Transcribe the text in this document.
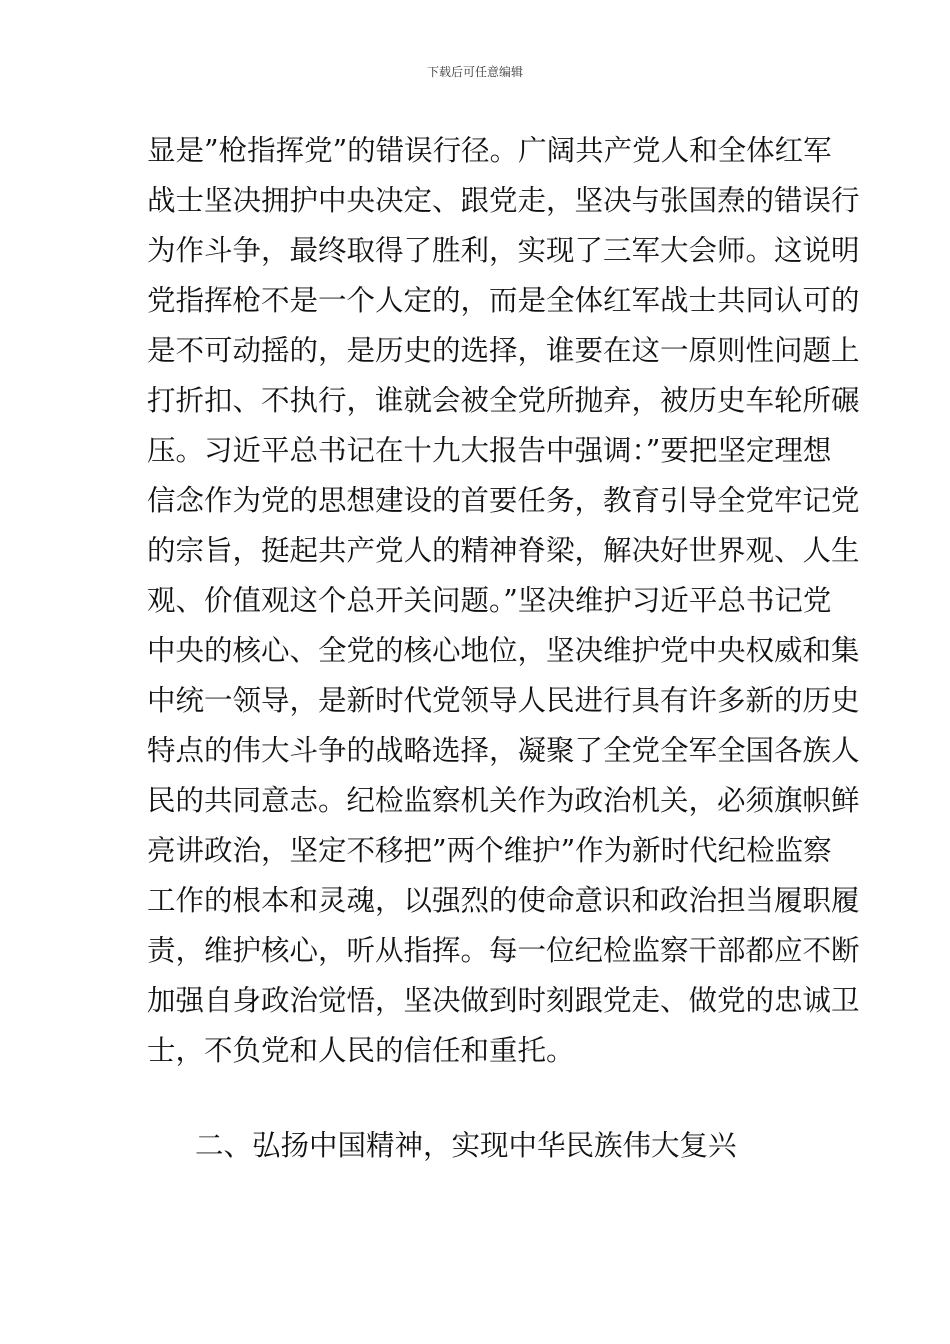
下载后可任意编辑
显是”枪指挥党”的错误行径。广阔共产党人和全体红军
战士坚决拥护中央决定、跟党走，坚决与张国焘的错误行
为作斗争，最终取得了胜利，实现了三军大会师。这说明
党指挥枪不是一个人定的，而是全体红军战士共同认可的
是不可动摇的，是历史的选择，谁要在这一原则性问题上
打折扣、不执行，谁就会被全党所抛弃，被历史车轮所碾
压。习近平总书记在十九大报告中强调：”要把坚定理想
信念作为党的思想建设的首要任务，教育引导全党牢记党
的宗旨，挺起共产党人的精神脊梁，解决好世界观、人生
观、价值观这个总开关问题。”坚决维护习近平总书记党
中央的核心、全党的核心地位，坚决维护党中央权威和集
中统一领导，是新时代党领导人民进行具有许多新的历史
特点的伟大斗争的战略选择，凝聚了全党全军全国各族人
民的共同意志。纪检监察机关作为政治机关，必须旗帜鲜
亮讲政治，坚定不移把”两个维护”作为新时代纪检监察
工作的根本和灵魂，以强烈的使命意识和政治担当履职履
责，维护核心，听从指挥。每一位纪检监察干部都应不断
加强自身政治觉悟，坚决做到时刻跟党走、做党的忠诚卫
士，不负党和人民的信任和重托。
二、弘扬中国精神，实现中华民族伟大复兴
